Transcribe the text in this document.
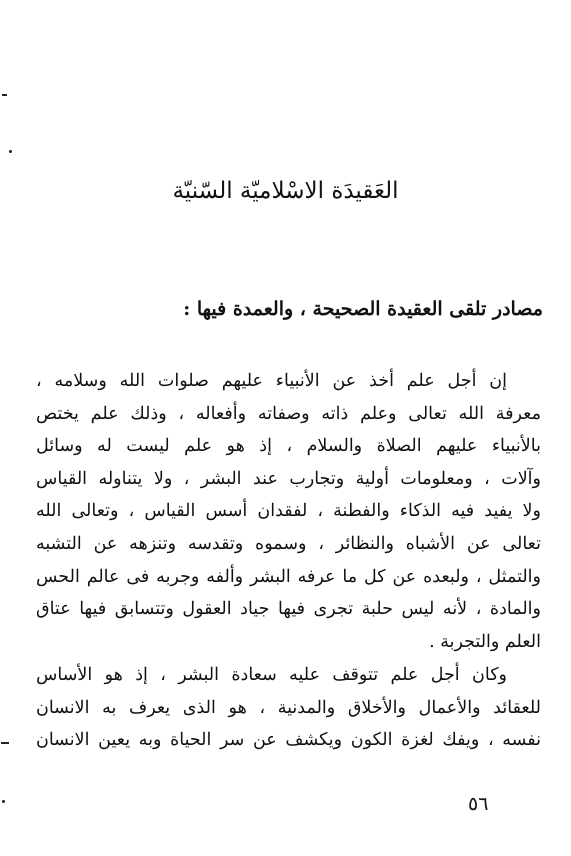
العَقيدَة الاسْلاميّة السّنيّة
مصادر تلقى العقيدة الصحيحة ، والعمدة فيها :
إن أجل علم أخذ عن الأنبياء عليهم صلوات الله وسلامه ،
معرفة الله تعالى وعلم ذاته وصفاته وأفعاله ، وذلك علم يختص
بالأنبياء عليهم الصلاة والسلام ، إذ هو علم ليست له وسائل
وآلات ، ومعلومات أولية وتجارب عند البشر ، ولا يتناوله القياس
ولا يفيد فيه الذكاء والفطنة ، لفقدان أسس القياس ، وتعالى الله
تعالى عن الأشباه والنظائر ، وسموه وتقدسه وتنزهه عن التشبه
والتمثل ، ولبعده عن كل ما عرفه البشر وألفه وجربه فى عالم الحس
والمادة ، لأنه ليس حلبة تجرى فيها جياد العقول وتتسابق فيها عتاق
العلم والتجربة .
وكان أجل علم تتوقف عليه سعادة البشر ، إذ هو الأساس
للعقائد والأعمال والأخلاق والمدنية ، هو الذى يعرف به الانسان
نفسه ، ويفك لغزة الكون ويكشف عن سر الحياة وبه يعين الانسان
٥٦
